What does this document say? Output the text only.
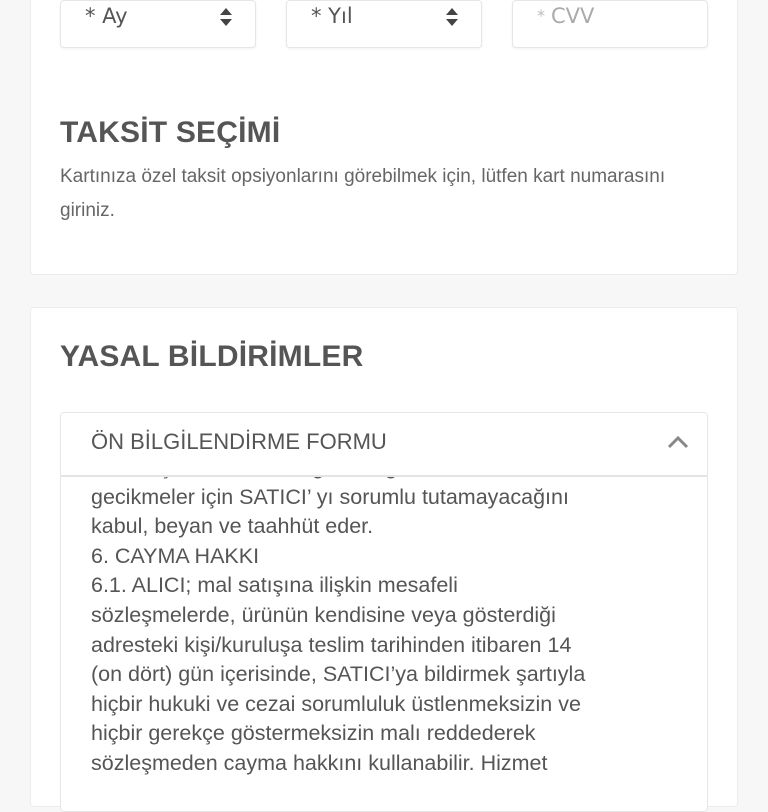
* Ay	* Yıl	* CVV
TAKSİT SEÇİMİ
Kartınıza özel taksit opsiyonlarını görebilmek için, lütfen kart numarasını giriniz.
YASAL BİLDİRİMLER
ÖN BİLGİLENDİRME FORMU
gecikmeler için SATICI’ yı sorumlu tutamayacağını
kabul, beyan ve taahhüt eder.
6. CAYMA HAKKI
6.1. ALICI; mal satışına ilişkin mesafeli
sözleşmelerde, ürünün kendisine veya gösterdiği
adresteki kişi/kuruluşa teslim tarihinden itibaren 14
(on dört) gün içerisinde, SATICI’ya bildirmek şartıyla
hiçbir hukuki ve cezai sorumluluk üstlenmeksizin ve
hiçbir gerekçe göstermeksizin malı reddederek
sözleşmeden cayma hakkını kullanabilir. Hizmet
